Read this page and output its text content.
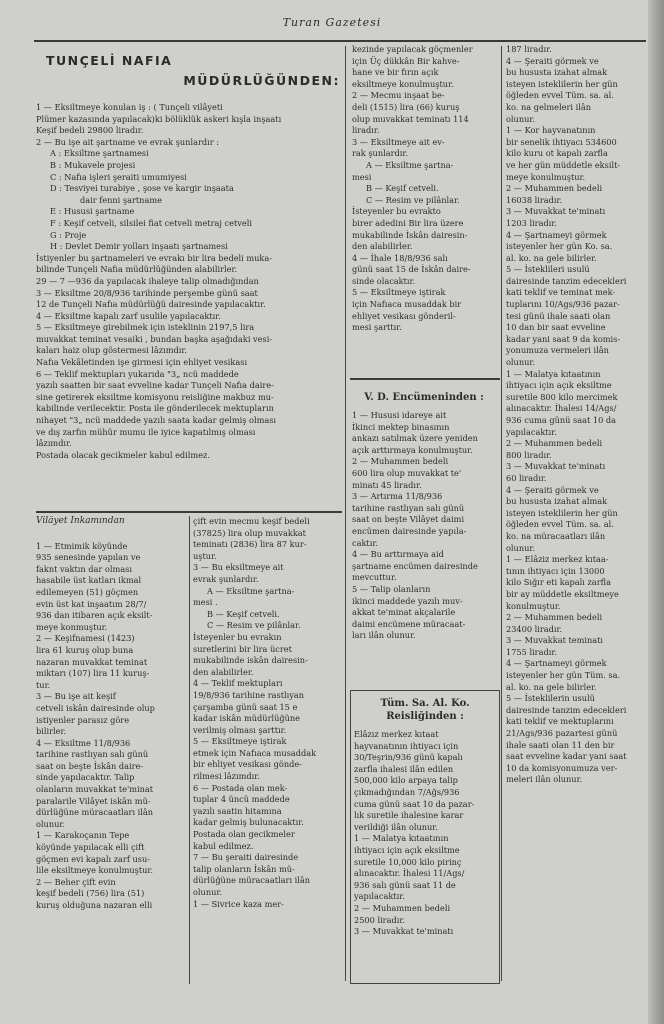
Turan Gazetesi
TUNÇELİ NAFIA
MÜDÜRLÜĞÜNDEN:

1 — Eksiltmeye konulan iş : ( Tunçeli vilâyeti

Plümer kazasında yapılacak)ki bölüklük askeri kışla inşaatı

Keşif bedeli 29800 liradır.

2 — Bu işe ait şartname ve evrak şunlardır :

A : Eksiltme şartnamesi

B : Mukavele projesi

C : Nafıa işleri şeraiti umumiyesi

D : Tesviyei turabiye , şose ve kargir inşaata

dair fenni şartname

E : Hususi şartname

F : Keşif cetveli, silsilei fiat cetveli metraj cetveli

G : Proje

H : Devlet Demir yolları inşaatı şartnamesi

İstiyenler bu şartnameleri ve evrakı bir lira bedeli muka-

bilinde Tunçeli Nafıa müdürlüğünden alabilirler.

29 — 7 —936 da yapılacak ihaleye talip olmadığından

3 — Eksiltme 20/8/936 tarihinde perşembe günü saat

12 de Tunçeli Nafıa müdürlüğü dairesinde yapılacaktır.

4 — Eksiltme kapalı zarf usulile yapılacaktır.

5 — Eksiltmeye girebilmek için isteklinin 2197,5 lira

muvakkat teminat vesaiki , bundan başka aşağıdaki vesi-

kaları haiz olup göstermesi lâzımdır.

Nafıa Vekâletinden işe girmesi için ehliyet vesikası

6 — Teklif mektupları yukarıda "3„ ncü maddede

yazılı saatten bir saat evveline kadar Tunçeli Nafıa daire-

sine getirerek eksiltme komisyonu reisliğine makbuz mu-

kabilinde verilecektir. Posta ile gönderilecek mektupların

nihayet "3„ ncü maddede yazılı saata kadar gelmiş olması

ve dış zarfın mühür mumu ile iyice kapatılmış olması

lâzımdır.

Postada olacak gecikmeler kabul edilmez.

kezinde yapılacak göçmenler

için Üç dükkân Bir kahve-

hane ve bir fırın açık

eksiltmeye konulmuştur.

2 — Mecmu inşaat be-

deli (1515) lira (66) kuruş

olup muvakkat teminatı 114

liradır.

3 — Eksiltmeye ait ev-

rak şunlardır.

A — Eksiltme şartna-

mesi

B — Keşif cetveli.

C — Resim ve pilânlar.

İsteyenler bu evrakto

birer adedini Bir lira üzere

mukabilinde İskân dairesin-

den alabilirler.

4 — İhale 18/8/936 salı

günü saat 15 de İskân daire-

sinde olacaktır.

5 — Eksiltmeye iştirak

için Nafıaca musaddak bir

ehliyet vesikası gönderil-

mesi şarttır.

V. D. Encümeninden :

1 — Hususi idareye ait

İkinci mektep binasının

ankazı satılmak üzere yeniden

açık arttırmaya konulmuştur.

2 — Muhammen bedeli

600 lira olup muvakkat te'

minatı 45 liradır.

3 — Artırma 11/8/936

tarihine rastlıyan salı günü

saat on beşte Vilâyet daimi

encümen dairesinde yapıla-

caktır.

4 — Bu arttırmaya aid

şartname encümen dairesinde

mevcuttur.

5 — Talip olanların

ikinci maddede yazılı muv-

akkat te'minat akçalarile

daimi encümene müracaat-

ları ilân olunur.

Tüm. Sa. Al. Ko.
Reisliğinden :

Elâzız merkez kıtaat

hayvanatının ihtiyacı için

30/Teşrin/936 günü kapalı

zarfla ihalesi ilân edilen

500,000 kilo arpaya talip

çıkmadığından 7/Ağs/936

cuma günü saat 10 da pazar-

lık suretile ihalesine karar

verildiği ilân olunur.

1 — Malatya kıtaatının

ihtiyacı için açık eksiltme

suretile 10,000 kilo pirinç

alınacaktır. İhalesi 11/Ags/

936 salı günü saat 11 de

yapılacaktır.

2 — Muhammen bedeli

2500 liradır.

3 — Muvakkat te'minatı

187 liradır.

4 — Şeraiti görmek ve

bu hususta izahat almak

isteyen isteklilerin her gün

öğleden evvel Tüm. sa. al.

ko. na gelmeleri ilân

olunur.

1 — Kor hayvanatının

bir senelik ihtiyacı 534600

kilo kuru ot kapalı zarfla

ve her gün müddetle eksilt-

meye konulmuştur.

2 — Muhammen bedeli

16038 liradır.

3 — Muvakkat te'minatı

1203 liradır.

4 — Şartnameyi görmek

isteyenler her gün Ko. sa.

al. ko. na gele bilirler.

5 — İsteklileri usulü

dairesinde tanzim edecekleri

kati teklif ve teminat mek-

tuplarını 10/Ags/936 pazar-

tesi günü ihale saati olan

10 dan bir saat evveline

kadar yani saat 9 da komis-

yonumuza vermeleri ilân

olunur.

1 — Malatya kıtaatının

ihtiyacı için açık eksiltme

suretile 800 kilo mercimek

alınacaktır. İhalesi 14/Ags/

936 cuma günü saat 10 da

yapılacaktır.

2 — Muhammen bedeli

800 liradır.

3 — Muvakkat te'minatı

60 liradır.

4 — Şeraiti görmek ve

bu hususta izahat almak

isteyen isteklilerin her gün

öğleden evvel Tüm. sa. al.

ko. na müracaatları ilân

olunur.

1 — Elâziz merkez kıtaa-

tının ihtiyacı için 13000

kilo Sığır eti kapalı zarfla

bir ay müddetle eksiltmeye

konulmuştur.

2 — Muhammen bedeli

23400 liradır.

3 — Muvakkat teminatı

1755 liradır.

4 — Şartnameyi görmek

isteyenler her gün Tüm. sa.

al. ko. na gele bilirler.

5 — İsteklilerin usulü

dairesinde tanzim edecekleri

kati teklif ve mektuplarını

21/Ags/936 pazartesi günü

ihale saati olan 11 den bir

saat evveline kadar yani saat

10 da komisyonumuza ver-

meleri ilân olunur.

Vilâyet İnkamından

1 — Etmimik köyünde

935 senesinde yapılan ve

faknt vaktın dar olması

hasabile üst katları ikmal

edilemeyen (51) göçmen

evin üst kat inşaatım 28/7/

936 dan itibaren açık eksilt-

meye konmuştur.

2 — Keşifnamesi (1423)

lira 61 kuruş olup buna

nazaran muvakkat teminat

miktarı (107) lira 11 kuruş-

tur.

3 — Bu işe ait keşif

cetveli iskân dairesinde olup

istiyenler parasız göre

bilirler.

4 — Eksiltme 11/8/936

tarihine rastlıyan salı günü

saat on beşte İskân daire-

sinde yapılacaktır. Talip

olanların muvakkat te'minat

paralarile Vilâyet iskân mü-

dürlüğüne müracaatları ilân

olunur.

1 — Karakoçanın Tepe

köyünde yapılacak elli çift

göçmen evi kapalı zarf usu-

lile eksiltmeye konulmuştur.

2 — Beher çift evin

keşif bedeli (756) lira (51)

kuruş olduğuna nazaran elli

çift evin mecmu keşif bedeli

(37825) lira olup muvakkat

teminatı (2836) lira 87 kur-

uştur.

3 — Bu eksiltmeye ait

evrak şunlardır.

A — Eksiltme şartna-

mesi .

B — Keşif cetveli.

C — Resim ve pilânlar.

İsteyenler bu evrakın

suretlerini bir lira ücret

mukabilinde iskân dairesin-

den alabilirler.

4 — Teklif mektupları

19/8/936 tarihine rastlıyan

çarşamba günü saat 15 e

kadar iskân müdürlüğüne

verilmiş olması şarttır.

5 — Eksiltmeye iştirak

etmek için Nafıaca musaddak

bir ehliyet vesikası gönde-

rilmesi lâzımdır.

6 — Postada olan mek-

tuplar 4 üncü maddede

yazılı saatin hitamına

kadar gelmiş bulunacaktır.

Postada olan gecikmeler

kabul edilmez.

7 — Bu şeraiti dairesinde

talip olanların İskân mü-

dürlüğüne müracaatları ilân

olunur.

1 — Sivrice kaza mer-
